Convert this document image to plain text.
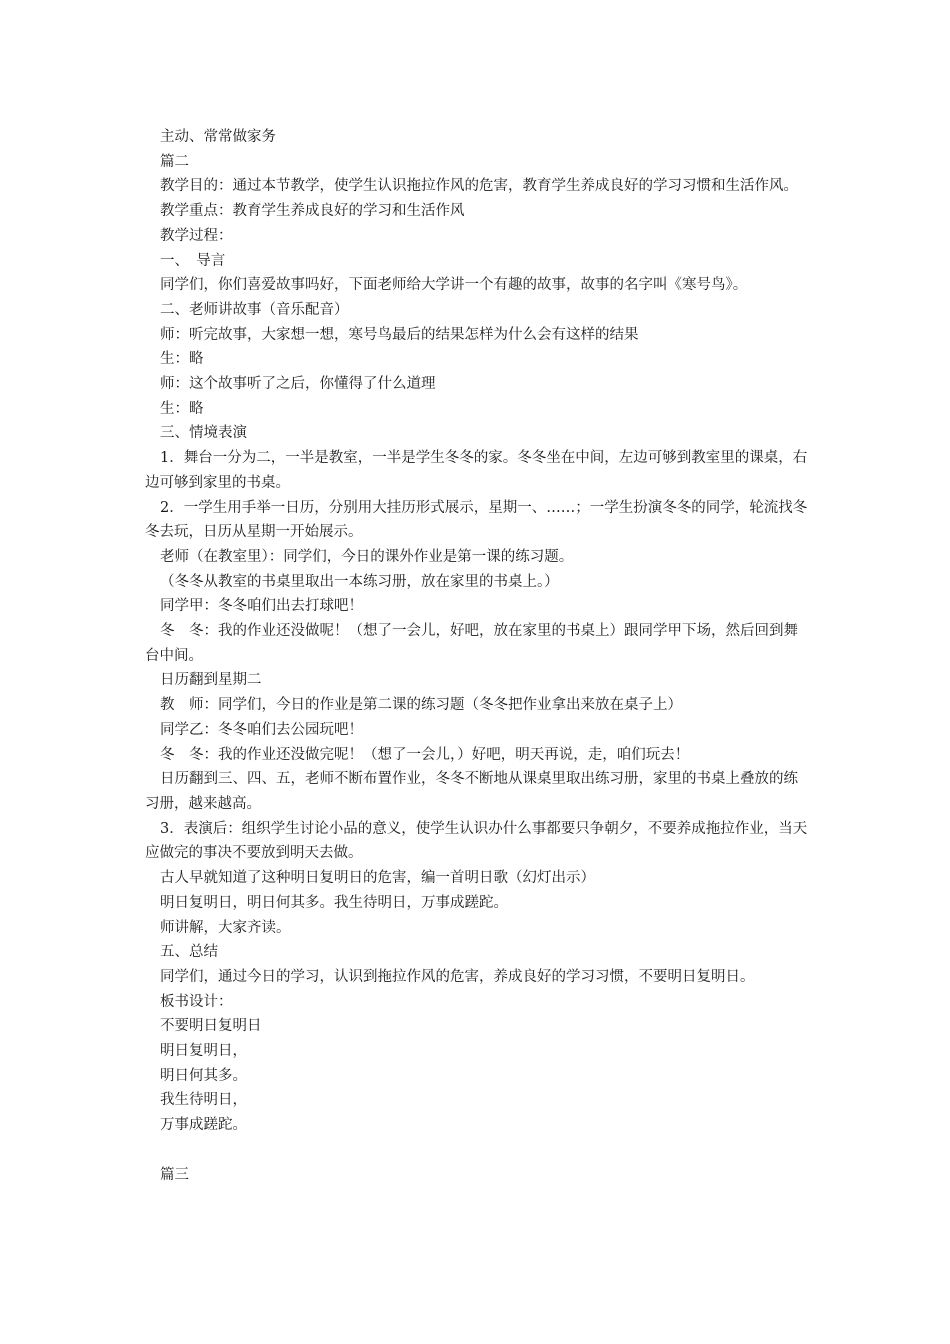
主动、常常做家务

篇二

教学目的：通过本节教学，使学生认识拖拉作风的危害，教育学生养成良好的学习习惯和生活作风。

教学重点：教育学生养成良好的学习和生活作风

教学过程：

一、　导言

同学们，你们喜爱故事吗好，下面老师给大学讲一个有趣的故事，故事的名字叫《寒号鸟》。

二、老师讲故事（音乐配音）

师：听完故事，大家想一想，寒号鸟最后的结果怎样为什么会有这样的结果

生：略

师：这个故事听了之后，你懂得了什么道理

生：略

三、情境表演

1．舞台一分为二，一半是教室，一半是学生冬冬的家。冬冬坐在中间，左边可够到教室里的课桌，右边可够到家里的书桌。

2．一学生用手举一日历，分别用大挂历形式展示，星期一、……；一学生扮演冬冬的同学，轮流找冬冬去玩，日历从星期一开始展示。

老师（在教室里）：同学们，今日的课外作业是第一课的练习题。

（冬冬从教室的书桌里取出一本练习册，放在家里的书桌上。）

同学甲：冬冬咱们出去打球吧！

冬　冬：我的作业还没做呢！（想了一会儿，好吧，放在家里的书桌上）跟同学甲下场，然后回到舞台中间。

日历翻到星期二

教　师：同学们，今日的作业是第二课的练习题（冬冬把作业拿出来放在桌子上）

同学乙：冬冬咱们去公园玩吧！

冬　冬：我的作业还没做完呢！（想了一会儿，）好吧，明天再说，走，咱们玩去！

日历翻到三、四、五，老师不断布置作业，冬冬不断地从课桌里取出练习册，家里的书桌上叠放的练习册，越来越高。

3．表演后：组织学生讨论小品的意义，使学生认识办什么事都要只争朝夕，不要养成拖拉作业，当天应做完的事决不要放到明天去做。

古人早就知道了这种明日复明日的危害，编一首明日歌（幻灯出示）

明日复明日，明日何其多。我生待明日，万事成蹉跎。

师讲解，大家齐读。

五、总结

同学们，通过今日的学习，认识到拖拉作风的危害，养成良好的学习习惯，不要明日复明日。

板书设计：

不要明日复明日

明日复明日，

明日何其多。

我生待明日，

万事成蹉跎。

篇三
